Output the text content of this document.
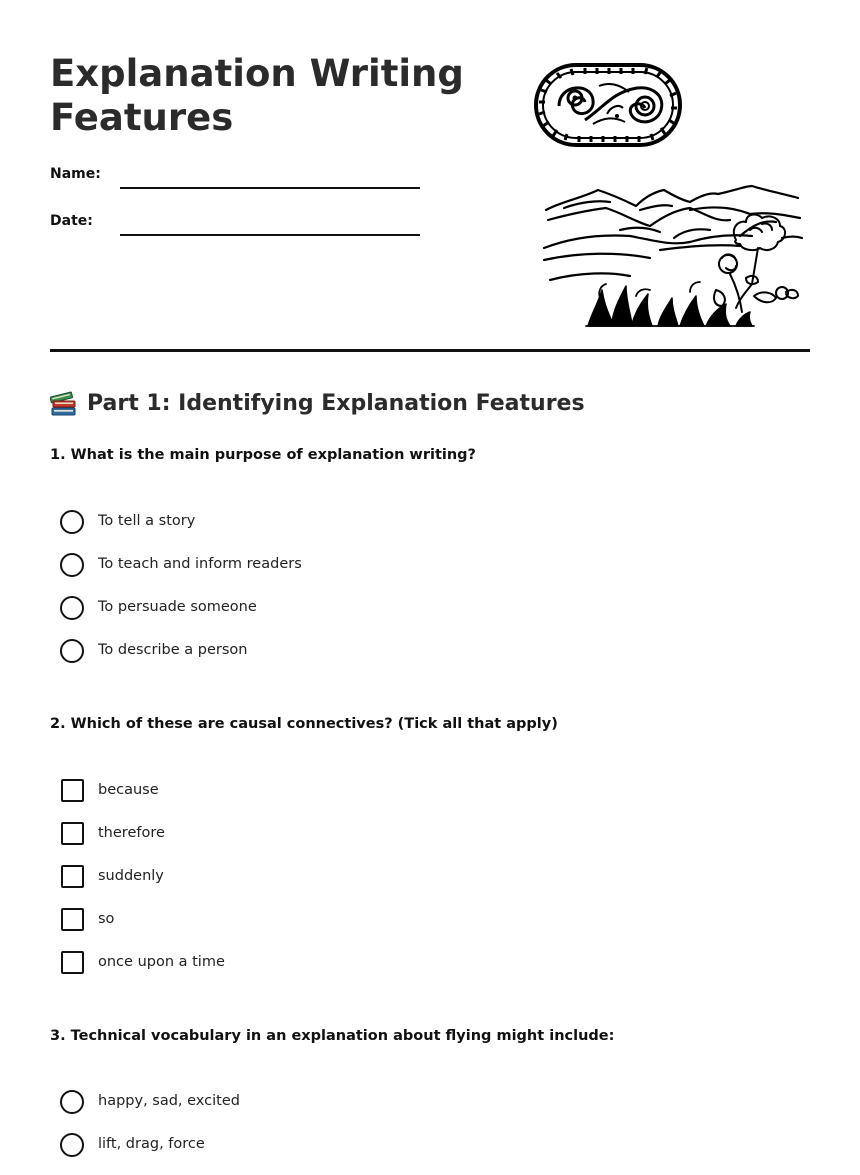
Explanation Writing Features
Name:
Date:
Part 1: Identifying Explanation Features

1. What is the main purpose of explanation writing?

To tell a story
To teach and inform readers
To persuade someone
To describe a person

2. Which of these are causal connectives? (Tick all that apply)

because
therefore
suddenly
so
once upon a time

3. Technical vocabulary in an explanation about flying might include:

happy, sad, excited
lift, drag, force
